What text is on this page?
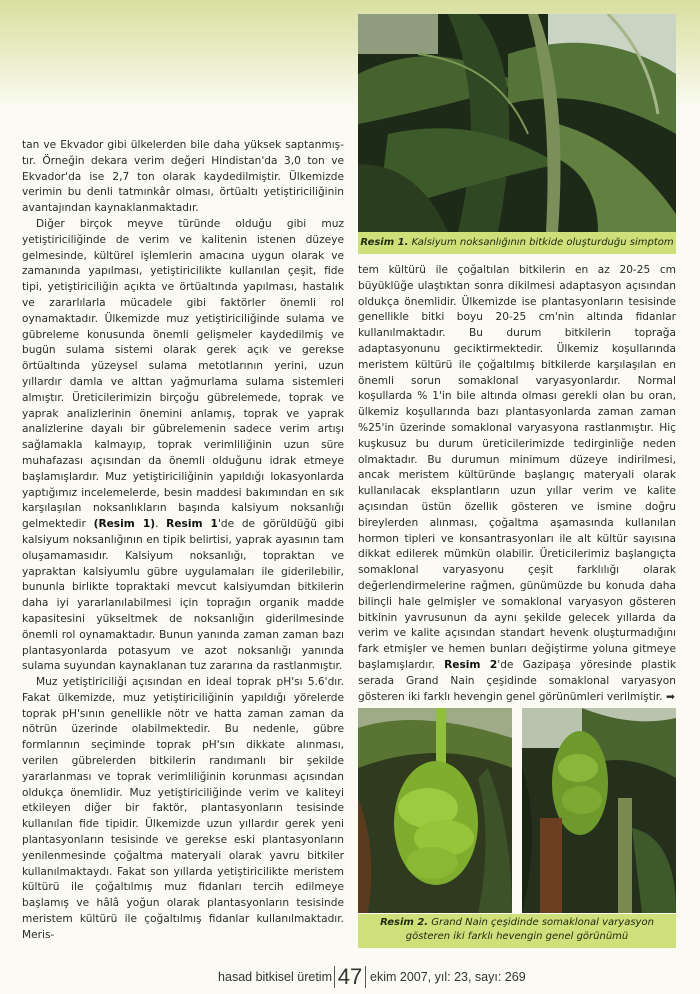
Resim 1. Kalsiyum noksanlığının bitkide oluşturduğu simptom

tan ve Ekvador gibi ülkelerden bile daha yüksek saptanmış-tır. Örneğin dekara verim değeri Hindistan'da 3,0 ton ve Ekvador'da ise 2,7 ton olarak kaydedilmiştir. Ülkemizde verimin bu denli tatmınkâr olması, örtüaltı yetiştiriciliğinin avantajından kaynaklanmaktadır.

Diğer birçok meyve türünde olduğu gibi muz yetiştiriciliğinde de verim ve kalitenin istenen düzeye gelmesinde, kültürel işlemlerin amacına uygun olarak ve zamanında yapılması, yetiştiricilikte kullanılan çeşit, fide tipi, yetiştiriciliğin açıkta ve örtüaltında yapılması, hastalık ve zararlılarla mücadele gibi faktörler önemli rol oynamaktadır. Ülkemizde muz yetiştiriciliğinde sulama ve gübreleme konusunda önemli gelişmeler kaydedilmiş ve bugün sulama sistemi olarak gerek açık ve gerekse örtüaltında yüzeysel sulama metotlarının yerini, uzun yıllardır damla ve alttan yağmurlama sulama sistemleri almıştır. Üreticilerimizin birçoğu gübrelemede, toprak ve yaprak analizlerinin önemini anlamış, toprak ve yaprak analizlerine dayalı bir gübrelemenin sadece verim artışı sağlamakla kalmayıp, toprak verimliliğinin uzun süre muhafazası açısından da önemli olduğunu idrak etmeye başlamışlardır. Muz yetiştiriciliğinin yapıldığı lokasyonlarda yaptığımız incelemelerde, besin maddesi bakımından en sık karşılaşılan noksanlıkların başında kalsiyum noksanlığı gelmektedir (Resim 1). Resim 1'de de görüldüğü gibi kalsiyum noksanlığının en tipik belirtisi, yaprak ayasının tam oluşamamasıdır. Kalsiyum noksanlığı, topraktan ve yapraktan kalsiyumlu gübre uygulamaları ile giderilebilir, bununla birlikte topraktaki mevcut kalsiyumdan bitkilerin daha iyi yararlanılabilmesi için toprağın organik madde kapasitesini yükseltmek de noksanlığın giderilmesinde önemli rol oynamaktadır. Bunun yanında zaman zaman bazı plantasyonlarda potasyum ve azot noksanlığı yanında sulama suyundan kaynaklanan tuz zararına da rastlanmıştır.

Muz yetiştiriciliği açısından en ideal toprak pH'sı 5.6'dır. Fakat ülkemizde, muz yetiştiriciliğinin yapıldığı yörelerde toprak pH'sının genellikle nötr ve hatta zaman zaman da nötrün üzerinde olabilmektedir. Bu nedenle, gübre formlarının seçiminde toprak pH'sın dikkate alınması, verilen gübrelerden bitkilerin randımanlı bir şekilde yararlanması ve toprak verimliliğinin korunması açısından oldukça önemlidir. Muz yetiştiriciliğinde verim ve kaliteyi etkileyen diğer bir faktör, plantasyonların tesisinde kullanılan fide tipidir. Ülkemizde uzun yıllardır gerek yeni plantasyonların tesisinde ve gerekse eski plantasyonların yenilenmesinde çoğaltma materyali olarak yavru bitkiler kullanılmaktaydı. Fakat son yıllarda yetiştiricilikte meristem kültürü ile çoğaltılmış muz fidanları tercih edilmeye başlamış ve hâlâ yoğun olarak plantasyonların tesisinde meristem kültürü ile çoğaltılmış fidanlar kullanılmaktadır. Meris-

tem kültürü ile çoğaltılan bitkilerin en az 20-25 cm büyüklüğe ulaştıktan sonra dikilmesi adaptasyon açısından oldukça önemlidir. Ülkemizde ise plantasyonların tesisinde genellikle bitki boyu 20-25 cm'nin altında fidanlar kullanılmaktadır. Bu durum bitkilerin toprağa adaptasyonunu geciktirmektedir. Ülkemiz koşullarında meristem kültürü ile çoğaltılmış bitkilerde karşılaşılan en önemli sorun somaklonal varyasyonlardır. Normal koşullarda % 1'in bile altında olması gerekli olan bu oran, ülkemiz koşullarında bazı plantasyonlarda zaman zaman %25'in üzerinde somaklonal varyasyona rastlanmıştır. Hiç kuşkusuz bu durum üreticilerimizde tedirginliğe neden olmaktadır. Bu durumun minimum düzeye indirilmesi, ancak meristem kültüründe başlangıç materyali olarak kullanılacak eksplantların uzun yıllar verim ve kalite açısından üstün özellik gösteren ve ismine doğru bireylerden alınması, çoğaltma aşamasında kullanılan hormon tipleri ve konsantrasyonları ile alt kültür sayısına dikkat edilerek mümkün olabilir. Üreticilerimiz başlangıçta somaklonal varyasyonu çeşit farklılığı olarak değerlendirmelerine rağmen, günümüzde bu konuda daha bilinçli hale gelmişler ve somaklonal varyasyon gösteren bitkinin yavrusunun da aynı şekilde gelecek yıllarda da verim ve kalite açısından standart hevenk oluşturmadığını fark etmişler ve hemen bunları değiştirme yoluna gitmeye başlamışlardır. Resim 2'de Gazipaşa yöresinde plastik serada Grand Nain çeşidinde somaklonal varyasyon gösteren iki farklı hevengin genel görünümleri verilmiştir. ➡

Resim 2. Grand Nain çeşidinde somaklonal varyasyon gösteren iki farklı hevengin genel görünümü
hasad bitkisel üretim 47 ekim 2007, yıl: 23, sayı: 269
